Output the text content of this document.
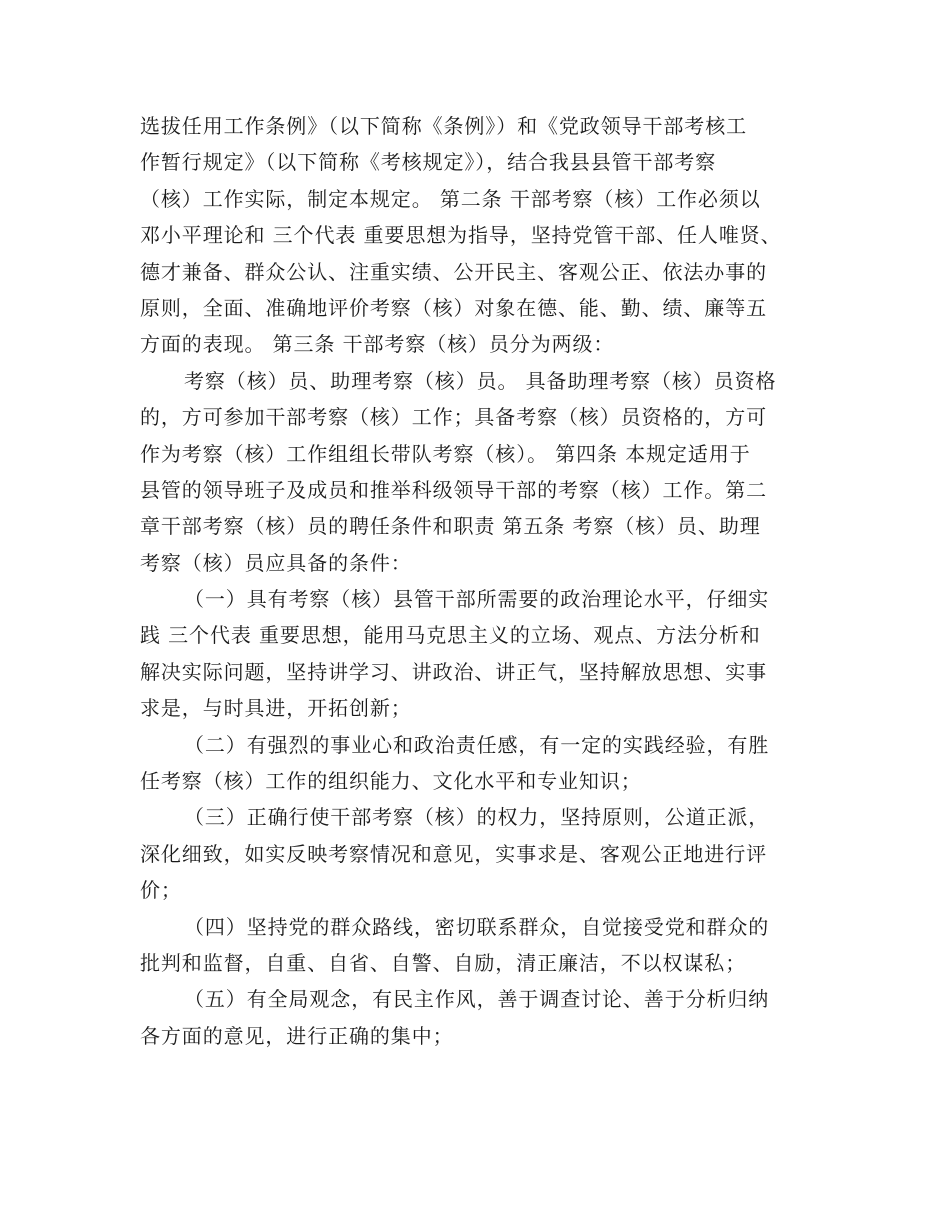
选拔任用工作条例》（以下简称《条例》）和《党政领导干部考核工
作暂行规定》（以下简称《考核规定》），结合我县县管干部考察
（核）工作实际，制定本规定。 第二条 干部考察（核）工作必须以
邓小平理论和 三个代表 重要思想为指导，坚持党管干部、任人唯贤、
德才兼备、群众公认、注重实绩、公开民主、客观公正、依法办事的
原则，全面、准确地评价考察（核）对象在德、能、勤、绩、廉等五
方面的表现。 第三条 干部考察（核）员分为两级：
考察（核）员、助理考察（核）员。 具备助理考察（核）员资格
的，方可参加干部考察（核）工作；具备考察（核）员资格的，方可
作为考察（核）工作组组长带队考察（核）。 第四条 本规定适用于
县管的领导班子及成员和推举科级领导干部的考察（核）工作。第二
章干部考察（核）员的聘任条件和职责 第五条 考察（核）员、助理
考察（核）员应具备的条件：
（一）具有考察（核）县管干部所需要的政治理论水平，仔细实
践 三个代表 重要思想，能用马克思主义的立场、观点、方法分析和
解决实际问题，坚持讲学习、讲政治、讲正气，坚持解放思想、实事
求是，与时具进，开拓创新；
（二）有强烈的事业心和政治责任感，有一定的实践经验，有胜
任考察（核）工作的组织能力、文化水平和专业知识；
（三）正确行使干部考察（核）的权力，坚持原则，公道正派，
深化细致，如实反映考察情况和意见，实事求是、客观公正地进行评
价；
（四）坚持党的群众路线，密切联系群众，自觉接受党和群众的
批判和监督，自重、自省、自警、自励，清正廉洁，不以权谋私；
（五）有全局观念，有民主作风，善于调查讨论、善于分析归纳
各方面的意见，进行正确的集中；
